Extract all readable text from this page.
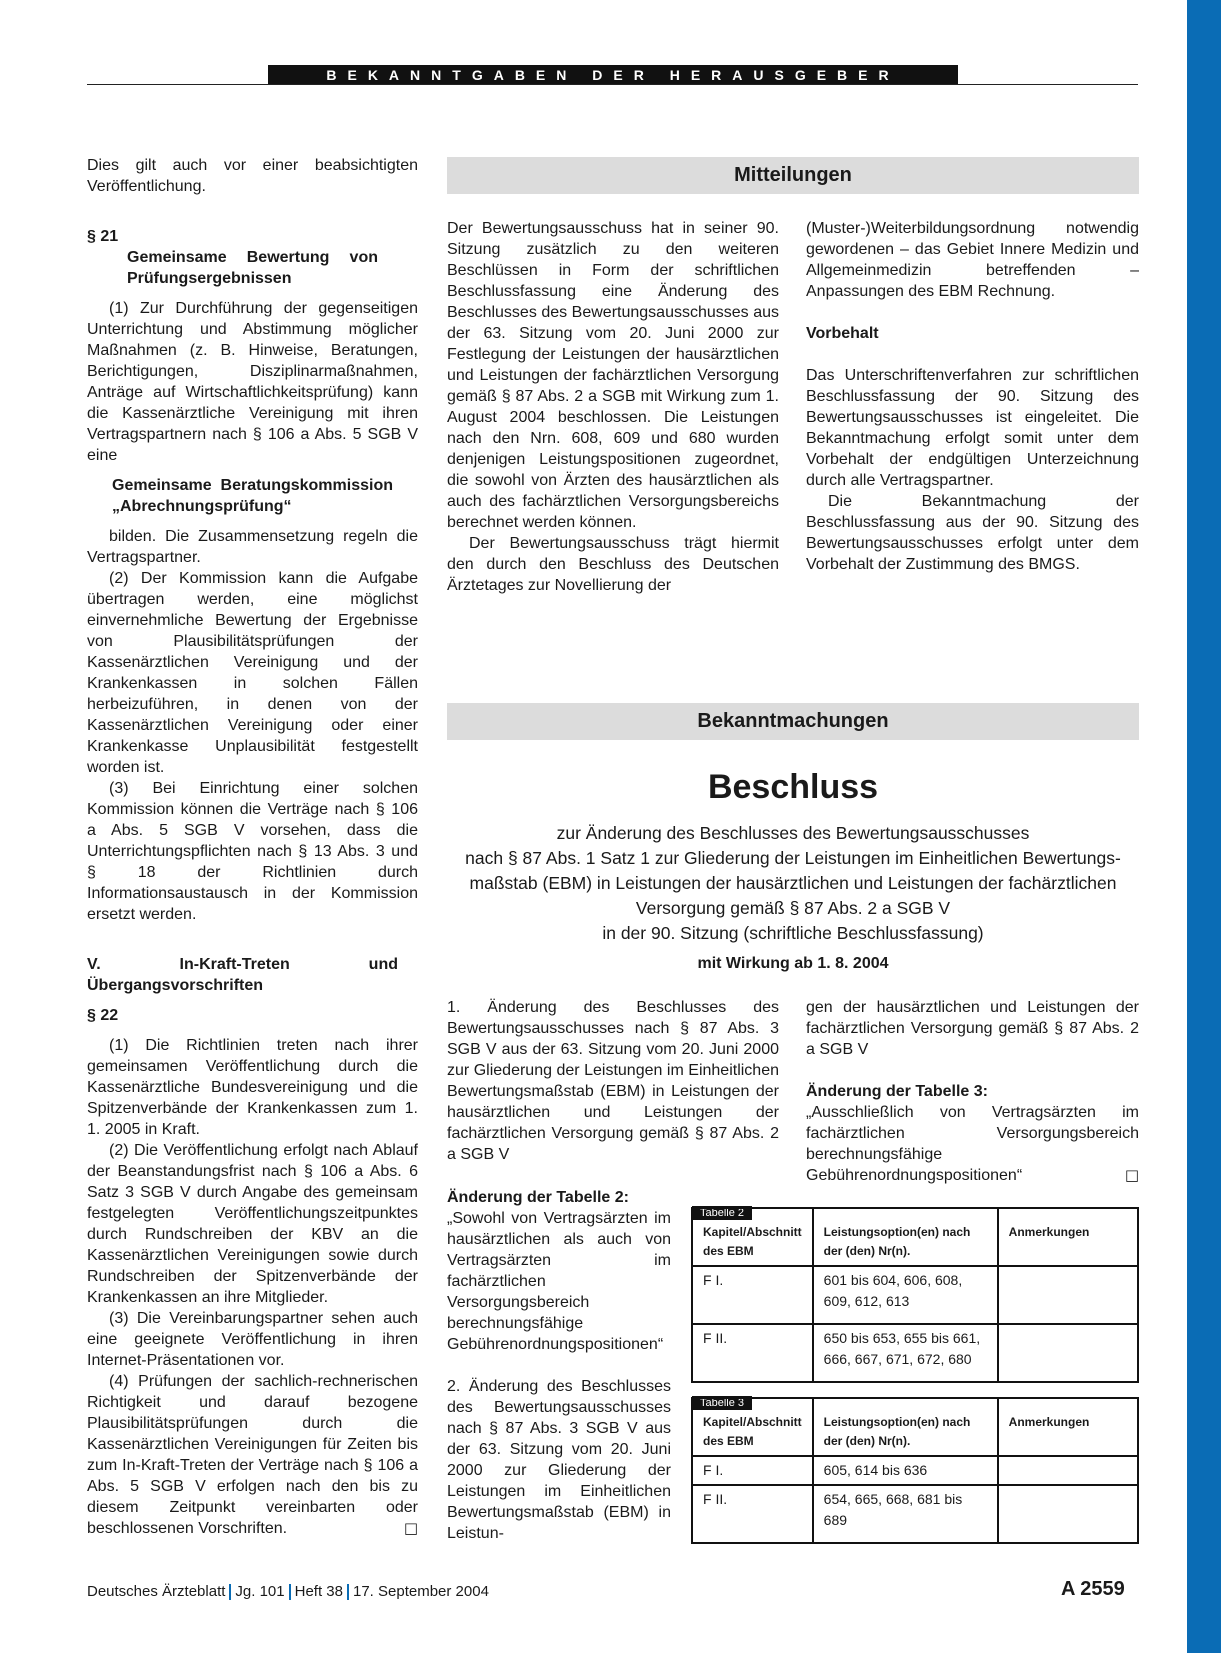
BEKANNTGABEN DER HERAUSGEBER

Dies gilt auch vor einer beabsichtigten Veröffentlichung.

§ 21

Gemeinsame Bewertung von Prüfungsergebnissen

(1) Zur Durchführung der gegenseitigen Unterrichtung und Abstimmung möglicher Maßnahmen (z. B. Hinweise, Beratungen, Berichtigungen, Disziplinarmaßnahmen, Anträge auf Wirtschaftlichkeitsprüfung) kann die Kassenärztliche Vereinigung mit ihren Vertragspartnern nach § 106 a Abs. 5 SGB V eine

Gemeinsame Beratungskommission „Abrechnungsprüfung“

bilden. Die Zusammensetzung regeln die Vertragspartner.

(2) Der Kommission kann die Aufgabe übertragen werden, eine möglichst einvernehmliche Bewertung der Ergebnisse von Plausibilitätsprüfungen der Kassenärztlichen Vereinigung und der Krankenkassen in solchen Fällen herbeizuführen, in denen von der Kassenärztlichen Vereinigung oder einer Krankenkasse Unplausibilität festgestellt worden ist.

(3) Bei Einrichtung einer solchen Kommission können die Verträge nach § 106 a Abs. 5 SGB V vorsehen, dass die Unterrichtungspflichten nach § 13 Abs. 3 und § 18 der Richtlinien durch Informationsaustausch in der Kommission ersetzt werden.

V. In-Kraft-Treten und Übergangsvorschriften

§ 22

(1) Die Richtlinien treten nach ihrer gemeinsamen Veröffentlichung durch die Kassenärztliche Bundesvereinigung und die Spitzenverbände der Krankenkassen zum 1. 1. 2005 in Kraft.

(2) Die Veröffentlichung erfolgt nach Ablauf der Beanstandungsfrist nach § 106 a Abs. 6 Satz 3 SGB V durch Angabe des gemeinsam festgelegten Veröffentlichungszeitpunktes durch Rundschreiben der KBV an die Kassenärztlichen Vereinigungen sowie durch Rundschreiben der Spitzenverbände der Krankenkassen an ihre Mitglieder.

(3) Die Vereinbarungspartner sehen auch eine geeignete Veröffentlichung in ihren Internet-Präsentationen vor.

(4) Prüfungen der sachlich-rechnerischen Richtigkeit und darauf bezogene Plausibilitätsprüfungen durch die Kassenärztlichen Vereinigungen für Zeiten bis zum In-Kraft-Treten der Verträge nach § 106 a Abs. 5 SGB V erfolgen nach den bis zu diesem Zeitpunkt vereinbarten oder beschlossenen Vorschriften.	□

Mitteilungen

Der Bewertungsausschuss hat in seiner 90. Sitzung zusätzlich zu den weiteren Beschlüssen in Form der schriftlichen Beschlussfassung eine Änderung des Beschlusses des Bewertungsausschusses aus der 63. Sitzung vom 20. Juni 2000 zur Festlegung der Leistungen der hausärztlichen und Leistungen der fachärztlichen Versorgung gemäß § 87 Abs. 2 a SGB mit Wirkung zum 1. August 2004 beschlossen. Die Leistungen nach den Nrn. 608, 609 und 680 wurden denjenigen Leistungspositionen zugeordnet, die sowohl von Ärzten des hausärztlichen als auch des fachärztlichen Versorgungsbereichs berechnet werden können.

Der Bewertungsausschuss trägt hiermit den durch den Beschluss des Deutschen Ärztetages zur Novellierung der

(Muster-)Weiterbildungsordnung notwendig gewordenen – das Gebiet Innere Medizin und Allgemeinmedizin betreffenden – Anpassungen des EBM Rechnung.

Vorbehalt

Das Unterschriftenverfahren zur schriftlichen Beschlussfassung der 90. Sitzung des Bewertungsausschusses ist eingeleitet. Die Bekanntmachung erfolgt somit unter dem Vorbehalt der endgültigen Unterzeichnung durch alle Vertragspartner.

Die Bekanntmachung der Beschlussfassung aus der 90. Sitzung des Bewertungsausschusses erfolgt unter dem Vorbehalt der Zustimmung des BMGS.

Bekanntmachungen
Beschluss
zur Änderung des Beschlusses des Bewertungsausschusses
nach § 87 Abs. 1 Satz 1 zur Gliederung der Leistungen im Einheitlichen Bewertungs-
maßstab (EBM) in Leistungen der hausärztlichen und Leistungen der fachärztlichen
Versorgung gemäß § 87 Abs. 2 a SGB V
in der 90. Sitzung (schriftliche Beschlussfassung)
mit Wirkung ab 1. 8. 2004

1. Änderung des Beschlusses des Bewertungsausschusses nach § 87 Abs. 3 SGB V aus der 63. Sitzung vom 20. Juni 2000 zur Gliederung der Leistungen im Einheitlichen Bewertungsmaßstab (EBM) in Leistungen der hausärztlichen und Leistungen der fachärztlichen Versorgung gemäß § 87 Abs. 2 a SGB V

Änderung der Tabelle 2:

„Sowohl von Vertragsärzten im hausärztlichen als auch von Vertragsärzten im fachärztlichen Versorgungsbereich berechnungsfähige Gebührenordnungspositionen“

2. Änderung des Beschlusses des Bewertungsausschusses nach § 87 Abs. 3 SGB V aus der 63. Sitzung vom 20. Juni 2000 zur Gliederung der Leistungen im Einheitlichen Bewertungsmaßstab (EBM) in Leistun-

gen der hausärztlichen und Leistungen der fachärztlichen Versorgung gemäß § 87 Abs. 2 a SGB V

Änderung der Tabelle 3:

„Ausschließlich von Vertragsärzten im fachärztlichen Versorgungsbereich berechnungsfähige Gebührenordnungspositionen“	□

Tabelle 2
Kapitel/Abschnitt des EBM	Leistungsoption(en) nach der (den) Nr(n).	Anmerkungen
F I.	601 bis 604, 606, 608, 609, 612, 613	
F II.	650 bis 653, 655 bis 661, 666, 667, 671, 672, 680	
Tabelle 3
Kapitel/Abschnitt des EBM	Leistungsoption(en) nach der (den) Nr(n).	Anmerkungen
F I.	605, 614 bis 636	
F II.	654, 665, 668, 681 bis 689	
Deutsches Ärzteblatt Jg. 101 Heft 38 17. September 2004	A 2559
